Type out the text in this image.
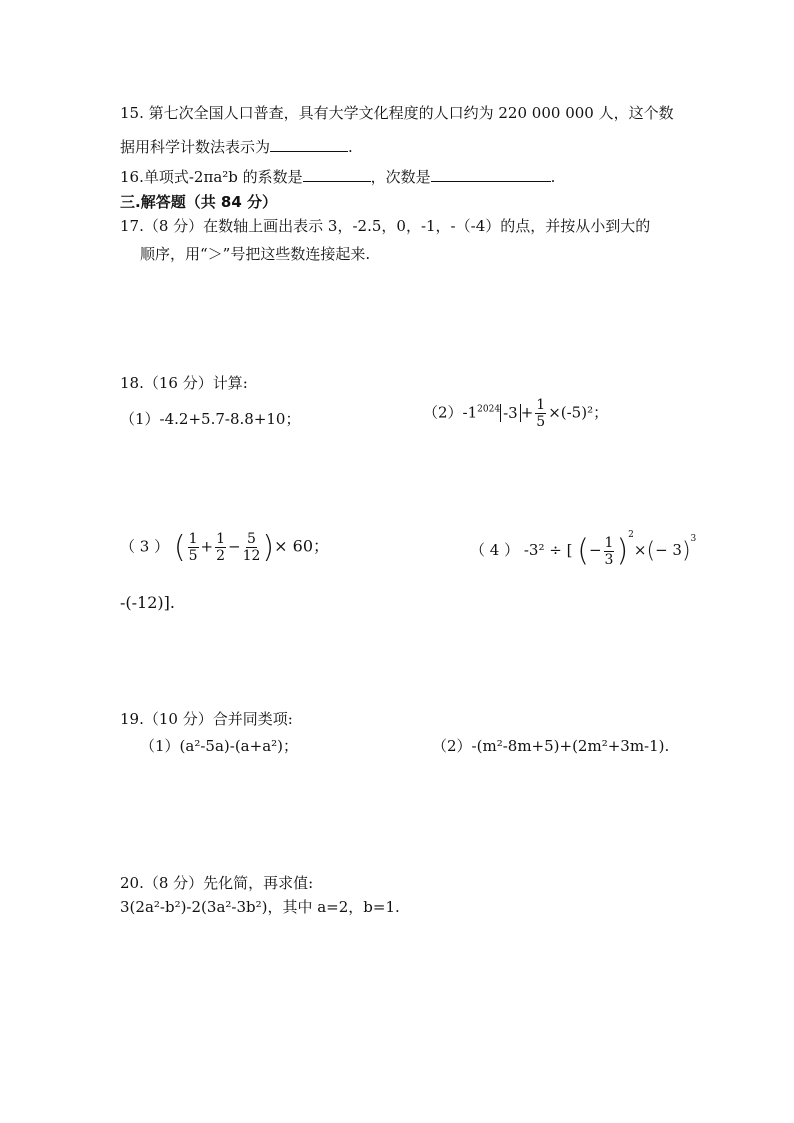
15. 第七次全国人口普查，具有大学文化程度的人口约为 220 000 000 人，这个数
据用科学计数法表示为	.
16.单项式-2πa²b 的系数是	，次数是	.
三.解答题（共 84 分）
17.（8 分）在数轴上画出表示 3，-2.5，0，-1，-（-4）的点，并按从小到大的
顺序，用“＞”号把这些数连接起来.
18.（16 分）计算:
（1）-4.2+5.7-8.8+10；	$(2)-1^{2024}$ $-3 + \frac{1}{5} \times(-5)^2$；
（ 3 ） ( $\frac{1}{5} + \frac{1}{2} - \frac{5}{12}$ )× 60；	（ 4 ） -3² ÷ [ (− $\frac{1}{3} )^2\times(- 3)^3$
-(-12)].
19.（10 分）合并同类项:
（1）(a²-5a)-(a+a²)；	（2）-(m²-8m+5)+(2m²+3m-1).
20.（8 分）先化简，再求值:
3(2a²-b²)-2(3a²-3b²)，其中 a=2，b=1.
